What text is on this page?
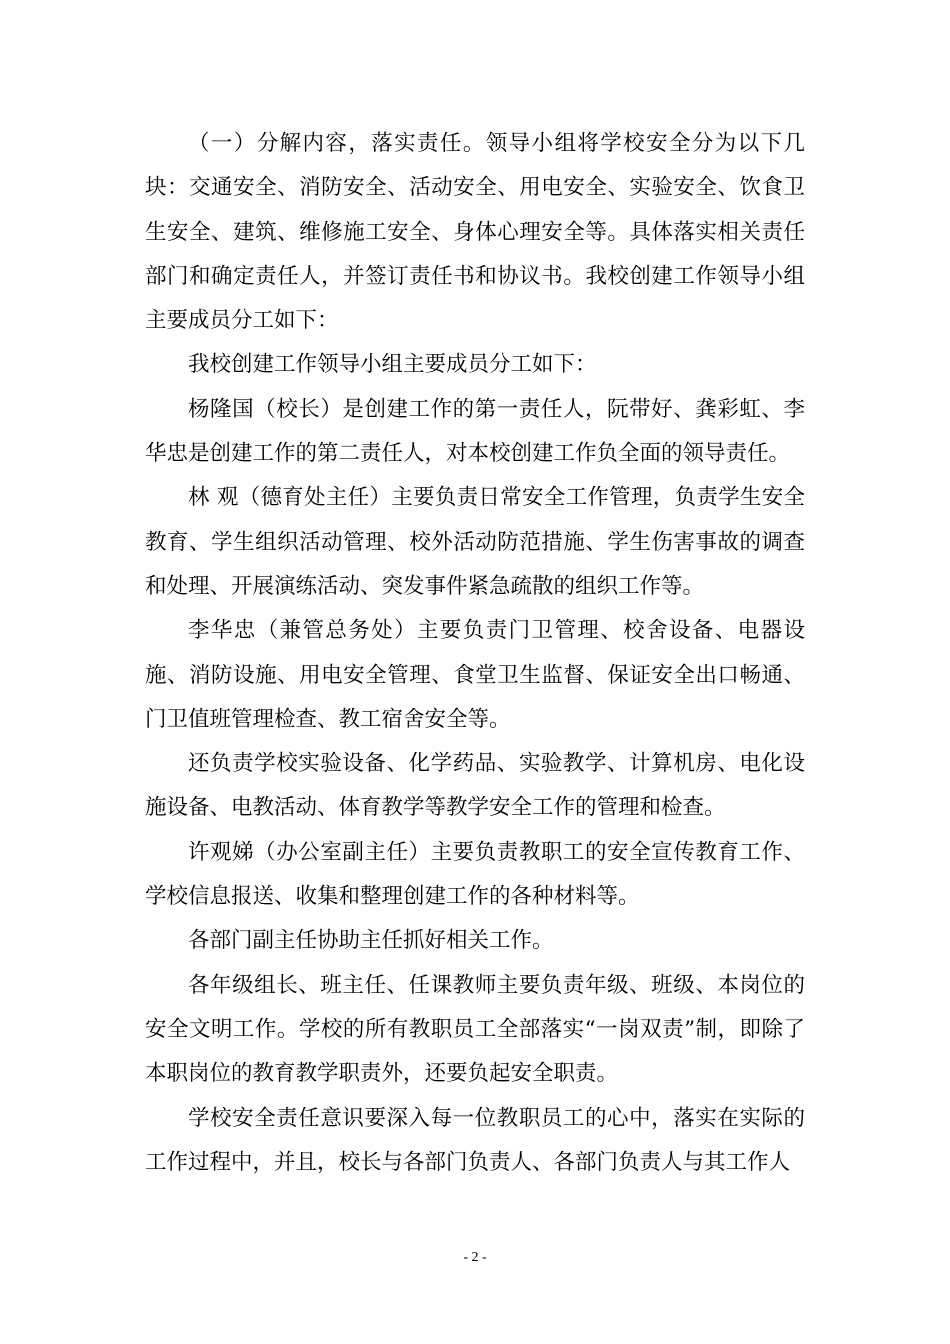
（一）分解内容，落实责任。领导小组将学校安全分为以下几块：交通安全、消防安全、活动安全、用电安全、实验安全、饮食卫生安全、建筑、维修施工安全、身体心理安全等。具体落实相关责任部门和确定责任人，并签订责任书和协议书。我校创建工作领导小组主要成员分工如下：

我校创建工作领导小组主要成员分工如下：

杨隆国（校长）是创建工作的第一责任人，阮带好、龚彩虹、李华忠是创建工作的第二责任人，对本校创建工作负全面的领导责任。

林 观（德育处主任）主要负责日常安全工作管理，负责学生安全教育、学生组织活动管理、校外活动防范措施、学生伤害事故的调查和处理、开展演练活动、突发事件紧急疏散的组织工作等。

李华忠（兼管总务处）主要负责门卫管理、校舍设备、电器设施、消防设施、用电安全管理、食堂卫生监督、保证安全出口畅通、门卫值班管理检查、教工宿舍安全等。

还负责学校实验设备、化学药品、实验教学、计算机房、电化设施设备、电教活动、体育教学等教学安全工作的管理和检查。

许观娣（办公室副主任）主要负责教职工的安全宣传教育工作、学校信息报送、收集和整理创建工作的各种材料等。

各部门副主任协助主任抓好相关工作。

各年级组长、班主任、任课教师主要负责年级、班级、本岗位的安全文明工作。学校的所有教职员工全部落实“一岗双责”制，即除了本职岗位的教育教学职责外，还要负起安全职责。

学校安全责任意识要深入每一位教职员工的心中，落实在实际的工作过程中，并且，校长与各部门负责人、各部门负责人与其工作人

- 2 -
